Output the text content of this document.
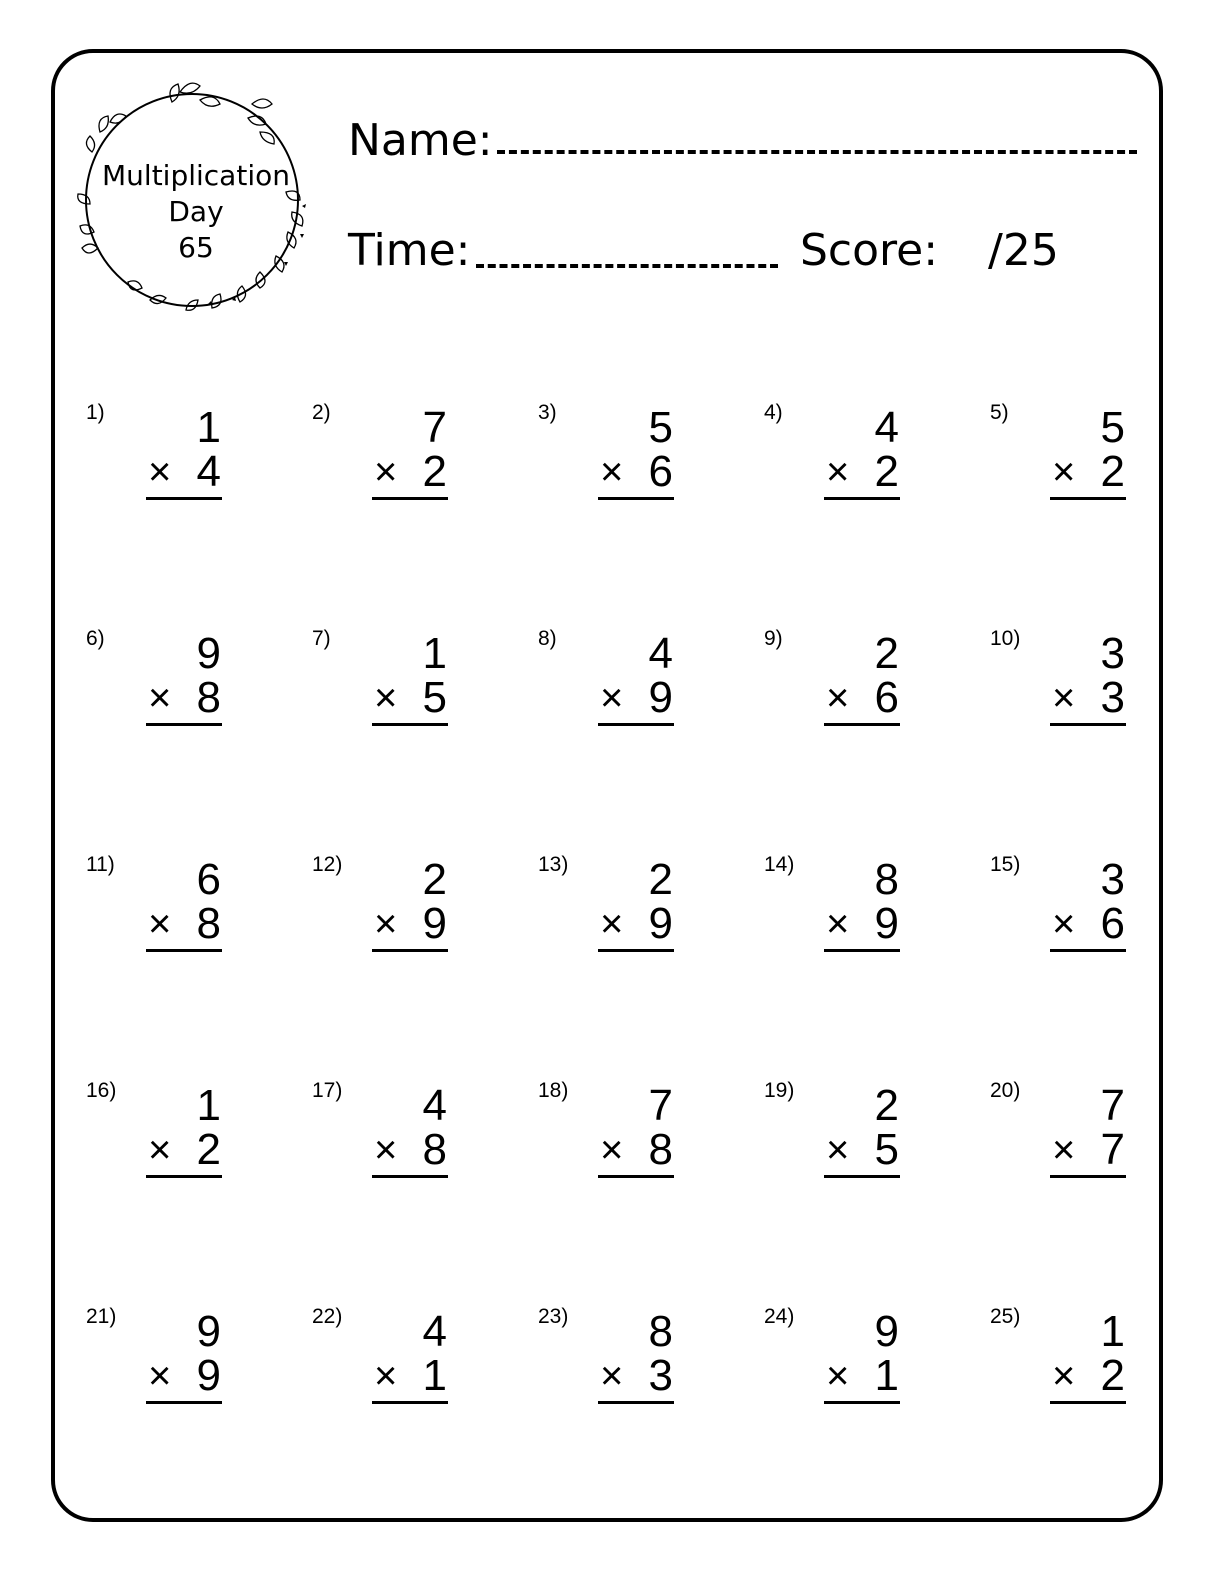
Multiplication
Day
65
Name:
Time:	Score: /25
1) 1
× 4
2) 7
× 2
3) 5
× 6
4) 4
× 2
5) 5
× 2
6) 9
× 8
7) 1
× 5
8) 4
× 9
9) 2
× 6
10) 3
× 3
11) 6
× 8
12) 2
× 9
13) 2
× 9
14) 8
× 9
15) 3
× 6
16) 1
× 2
17) 4
× 8
18) 7
× 8
19) 2
× 5
20) 7
× 7
21) 9
× 9
22) 4
× 1
23) 8
× 3
24) 9
× 1
25) 1
× 2
